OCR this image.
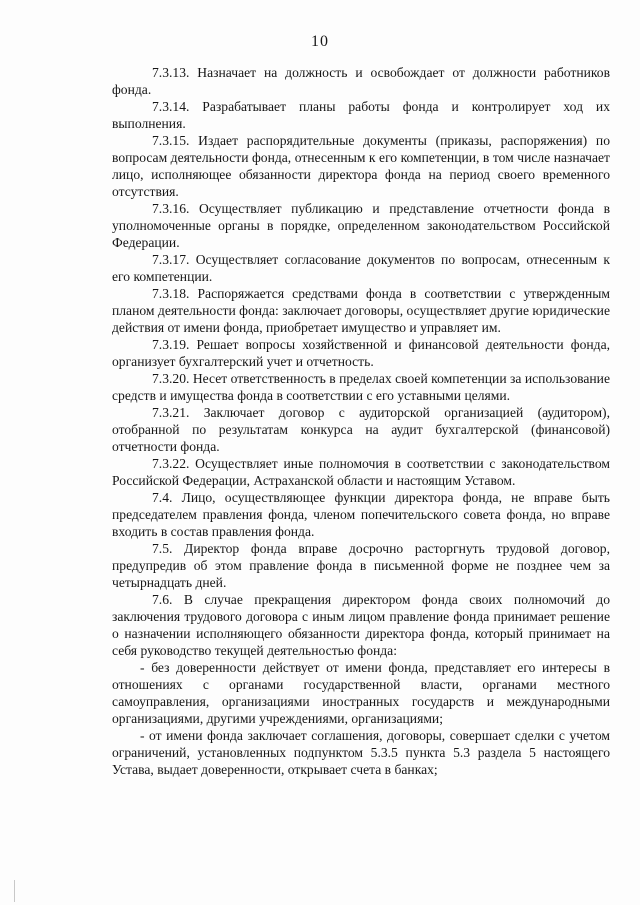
10

7.3.13. Назначает на должность и освобождает от должности работников фонда.

7.3.14. Разрабатывает планы работы фонда и контролирует ход их выполнения.

7.3.15. Издает распорядительные документы (приказы, распоряжения) по вопросам деятельности фонда, отнесенным к его компетенции, в том числе назначает лицо, исполняющее обязанности директора фонда на период своего временного отсутствия.

7.3.16. Осуществляет публикацию и представление отчетности фонда в уполномоченные органы в порядке, определенном законодательством Российской Федерации.

7.3.17. Осуществляет согласование документов по вопросам, отнесенным к его компетенции.

7.3.18. Распоряжается средствами фонда в соответствии с утвержденным планом деятельности фонда: заключает договоры, осуществляет другие юридические действия от имени фонда, приобретает имущество и управляет им.

7.3.19. Решает вопросы хозяйственной и финансовой деятельности фонда, организует бухгалтерский учет и отчетность.

7.3.20. Несет ответственность в пределах своей компетенции за использование средств и имущества фонда в соответствии с его уставными целями.

7.3.21. Заключает договор с аудиторской организацией (аудитором), отобранной по результатам конкурса на аудит бухгалтерской (финансовой) отчетности фонда.

7.3.22. Осуществляет иные полномочия в соответствии с законодательством Российской Федерации, Астраханской области и настоящим Уставом.

7.4. Лицо, осуществляющее функции директора фонда, не вправе быть председателем правления фонда, членом попечительского совета фонда, но вправе входить в состав правления фонда.

7.5. Директор фонда вправе досрочно расторгнуть трудовой договор, предупредив об этом правление фонда в письменной форме не позднее чем за четырнадцать дней.

7.6. В случае прекращения директором фонда своих полномочий до заключения трудового договора с иным лицом правление фонда принимает решение о назначении исполняющего обязанности директора фонда, который принимает на себя руководство текущей деятельностью фонда:

- без доверенности действует от имени фонда, представляет его интересы в отношениях с органами государственной власти, органами местного самоуправления, организациями иностранных государств и международными организациями, другими учреждениями, организациями;

- от имени фонда заключает соглашения, договоры, совершает сделки с учетом ограничений, установленных подпунктом 5.3.5 пункта 5.3 раздела 5 настоящего Устава, выдает доверенности, открывает счета в банках;
